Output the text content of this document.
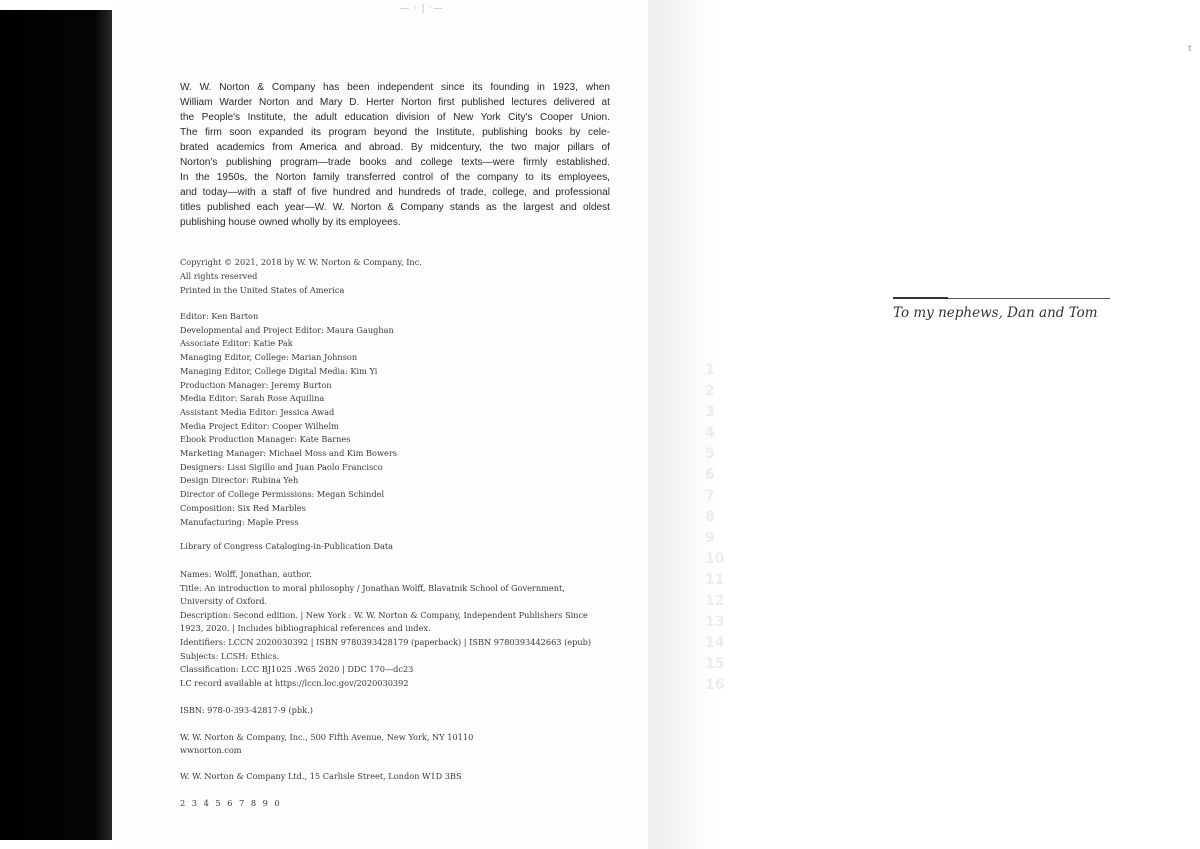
1
2
3
4
5
6
7
8
9
10
11
12
13
14
15
16
— · | ·—
t

W. W. Norton & Company has been independent since its founding in 1923, when
William Warder Norton and Mary D. Herter Norton first published lectures delivered at
the People's Institute, the adult education division of New York City's Cooper Union.
The firm soon expanded its program beyond the Institute, publishing books by cele-
brated academics from America and abroad. By midcentury, the two major pillars of
Norton's publishing program—trade books and college texts—were firmly established.
In the 1950s, the Norton family transferred control of the company to its employees,
and today—with a staff of five hundred and hundreds of trade, college, and professional
titles published each year—W. W. Norton & Company stands as the largest and oldest
publishing house owned wholly by its employees.

Copyright © 2021, 2018 by W. W. Norton & Company, Inc.
All rights reserved
Printed in the United States of America
Editor: Ken Barton
Developmental and Project Editor: Maura Gaughan
Associate Editor: Katie Pak
Managing Editor, College: Marian Johnson
Managing Editor, College Digital Media: Kim Yi
Production Manager: Jeremy Burton
Media Editor: Sarah Rose Aquilina
Assistant Media Editor: Jessica Awad
Media Project Editor: Cooper Wilhelm
Ebook Production Manager: Kate Barnes
Marketing Manager: Michael Moss and Kim Bowers
Designers: Lissi Sigillo and Juan Paolo Francisco
Design Director: Rubina Yeh
Director of College Permissions: Megan Schindel
Composition: Six Red Marbles
Manufacturing: Maple Press
Library of Congress Cataloging-in-Publication Data
Names: Wolff, Jonathan, author.
Title: An introduction to moral philosophy / Jonathan Wolff, Blavatnik School of Government,
University of Oxford.
Description: Second edition. | New York : W. W. Norton & Company, Independent Publishers Since
1923, 2020. | Includes bibliographical references and index.
Identifiers: LCCN 2020030392 | ISBN 9780393428179 (paperback) | ISBN 9780393442663 (epub)
Subjects: LCSH: Ethics.
Classification: LCC BJ1025 .W65 2020 | DDC 170—dc23
LC record available at https://lccn.loc.gov/2020030392
ISBN: 978-0-393-42817-9 (pbk.)
W. W. Norton & Company, Inc., 500 Fifth Avenue, New York, NY 10110
wwnorton.com
W. W. Norton & Company Ltd., 15 Carlisle Street, London W1D 3BS
2 3 4 5 6 7 8 9 0
To my nephews, Dan and Tom
